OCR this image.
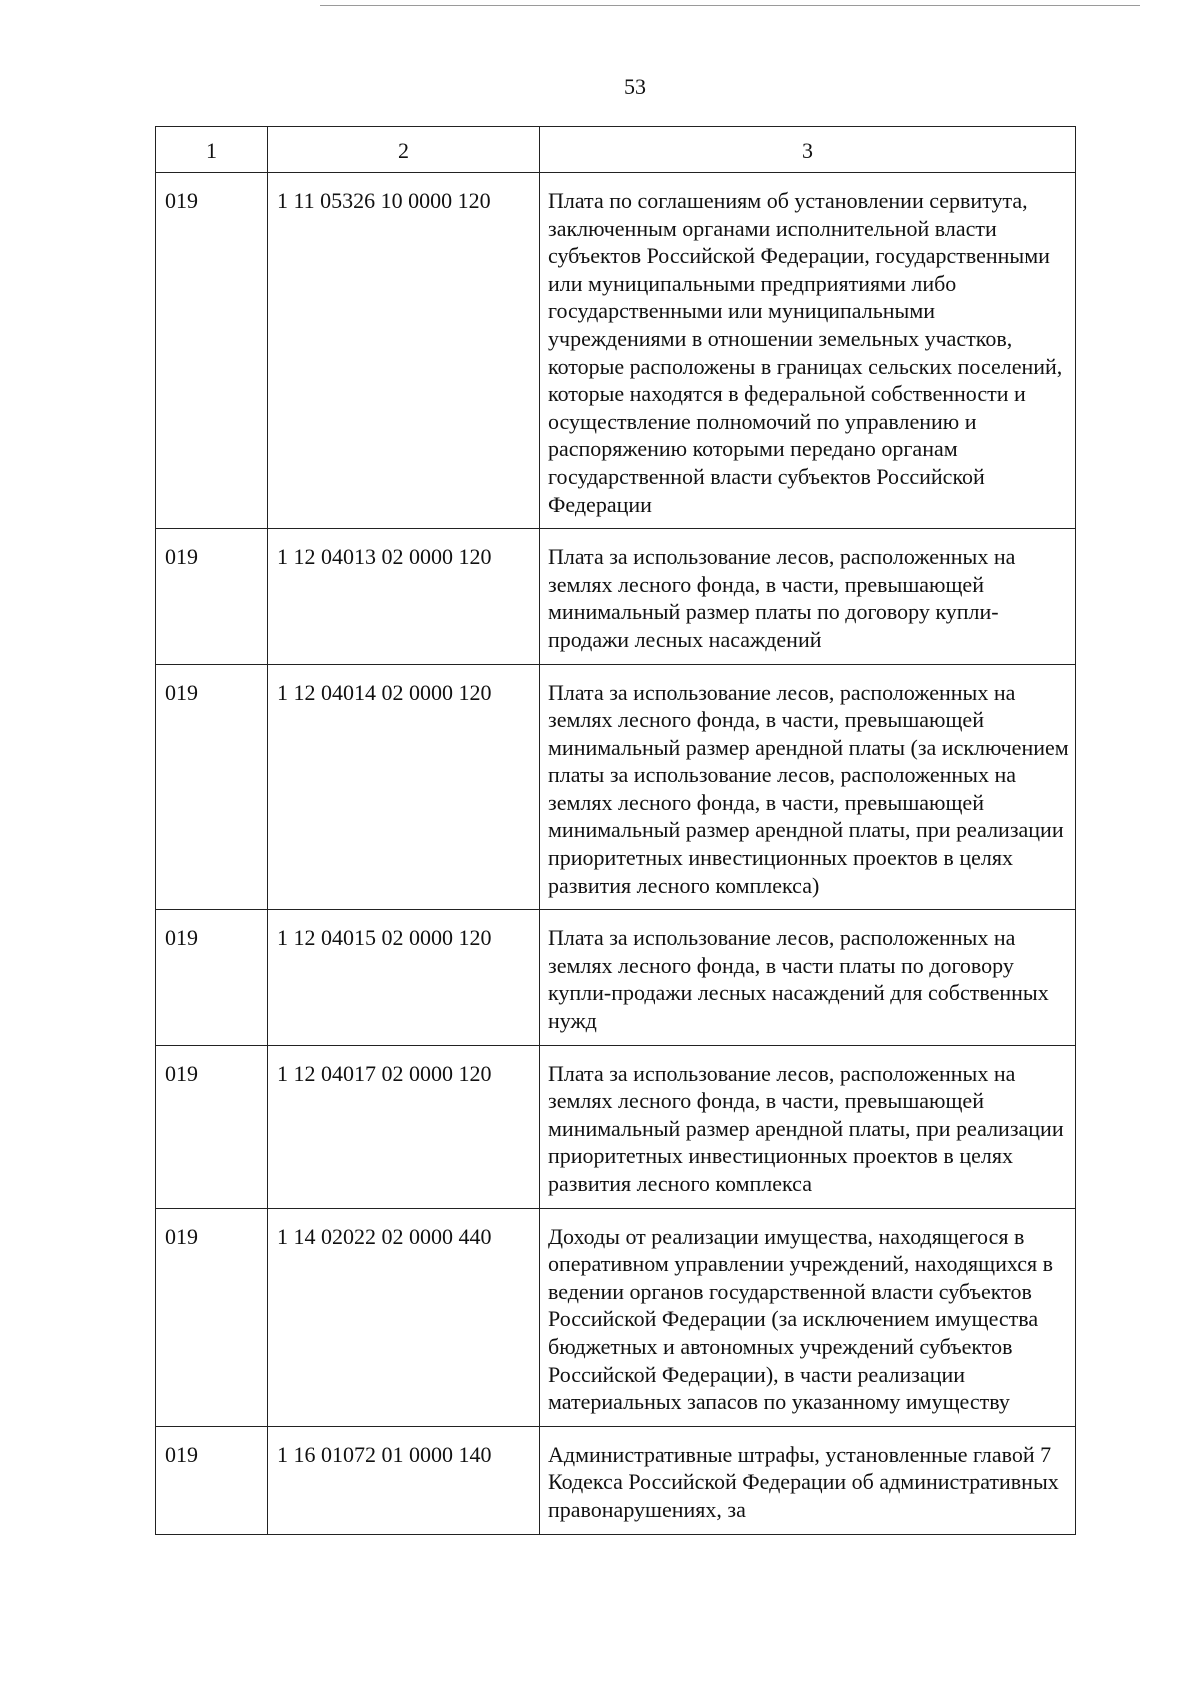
53
1	2	3
019	1 11 05326 10 0000 120	Плата по соглашениям об установлении сервитута, заключенным органами исполнительной власти субъектов Российской Федерации, государственными или муниципальными предприятиями либо государственными или муниципальными учреждениями в отношении земельных участков, которые расположены в границах сельских поселений, которые находятся в федеральной собственности и осуществление полномочий по управлению и распоряжению которыми передано органам государственной власти субъектов Российской Федерации
019	1 12 04013 02 0000 120	Плата за использование лесов, расположенных на землях лесного фонда, в части, превышающей минимальный размер платы по договору купли-продажи лесных насаждений
019	1 12 04014 02 0000 120	Плата за использование лесов, расположенных на землях лесного фонда, в части, превышающей минимальный размер арендной платы (за исключением платы за использование лесов, расположенных на землях лесного фонда, в части, превышающей минимальный размер арендной платы, при реализации приоритетных инвестиционных проектов в целях развития лесного комплекса)
019	1 12 04015 02 0000 120	Плата за использование лесов, расположенных на землях лесного фонда, в части платы по договору купли-продажи лесных насаждений для собственных нужд
019	1 12 04017 02 0000 120	Плата за использование лесов, расположенных на землях лесного фонда, в части, превышающей минимальный размер арендной платы, при реализации приоритетных инвестиционных проектов в целях развития лесного комплекса
019	1 14 02022 02 0000 440	Доходы от реализации имущества, находящегося в оперативном управлении учреждений, находящихся в ведении органов государственной власти субъектов Российской Федерации (за исключением имущества бюджетных и автономных учреждений субъектов Российской Федерации), в части реализации материальных запасов по указанному имуществу
019	1 16 01072 01 0000 140	Административные штрафы, установленные главой 7 Кодекса Российской Федерации об административных правонарушениях, за
